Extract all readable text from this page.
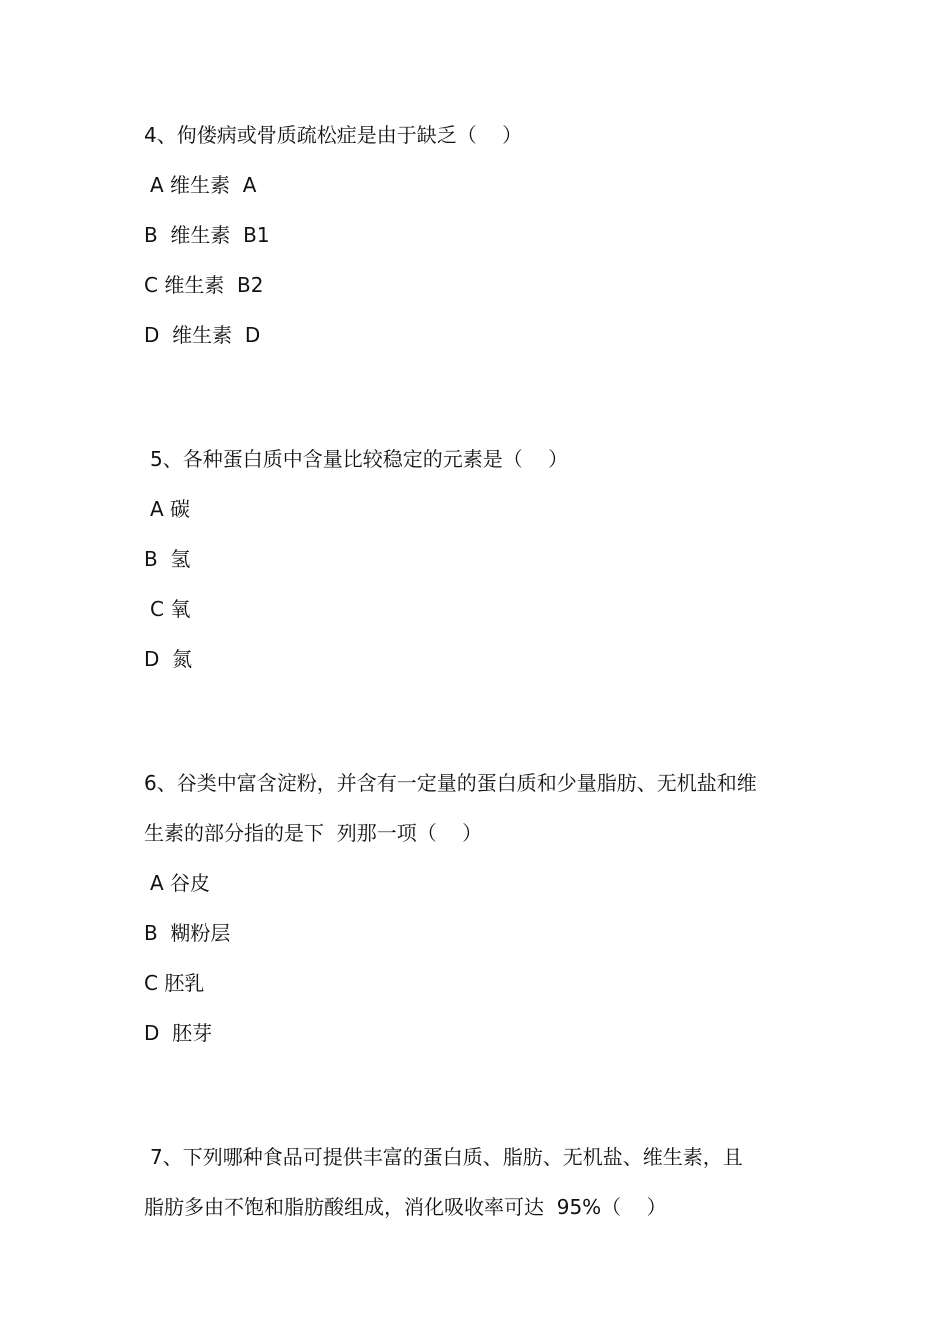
4、佝偻病或骨质疏松症是由于缺乏（    ）
A 维生素  A
B  维生素  B1
C 维生素  B2
D  维生素  D
5、各种蛋白质中含量比较稳定的元素是（    ）
A 碳
B  氢
C 氧
D  氮
6、谷类中富含淀粉，并含有一定量的蛋白质和少量脂肪、无机盐和维
生素的部分指的是下  列那一项（    ）
A 谷皮
B  糊粉层
C 胚乳
D  胚芽
7、下列哪种食品可提供丰富的蛋白质、脂肪、无机盐、维生素，且
脂肪多由不饱和脂肪酸组成，消化吸收率可达  95%（    ）
